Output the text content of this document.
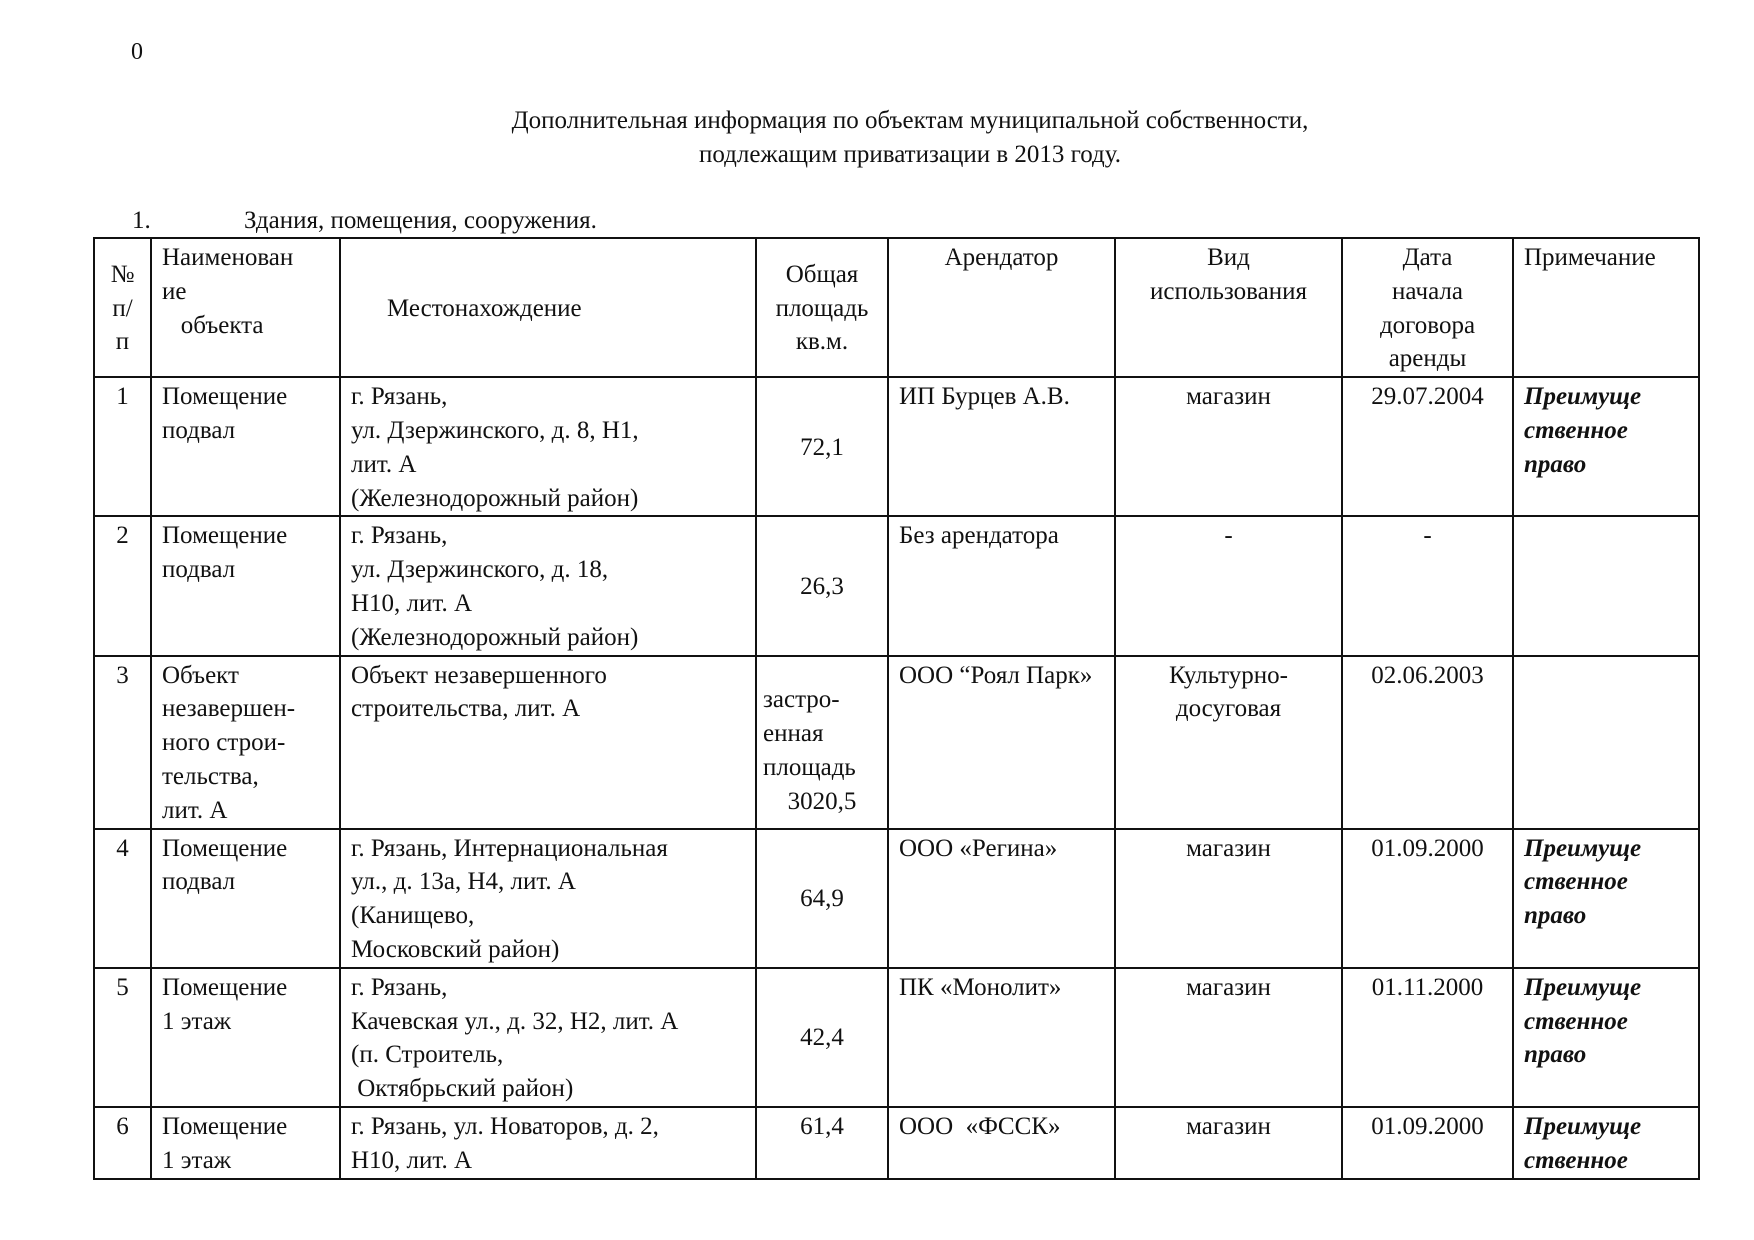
0
Дополнительная информация по объектам муниципальной собственности,
подлежащим приватизации в 2013 году.
1.	Здания, помещения, сооружения.
№
п/
п	Наименован
ие
объекта	Местонахождение	Общая
площадь
кв.м.	Арендатор	Вид
использования	Дата
начала
договора
аренды	Примечание

1	Помещение
подвал	г. Рязань,
ул. Дзержинского, д. 8, Н1,
лит. А
(Железнодорожный район)	72,1	ИП Бурцев А.В.	магазин	29.07.2004	Преимуще
ственное
право

2	Помещение
подвал	г. Рязань,
ул. Дзержинского, д. 18,
Н10, лит. А
(Железнодорожный район)	26,3	Без арендатора	-	-	
3	Объект
незавершен-
ного строи-
тельства,
лит. А	Объект незавершенного
строительства, лит. А	застро-
енная
площадь
3020,5	ООО “Роял Парк»	Культурно-досуговая	02.06.2003	
4	Помещение
подвал	г. Рязань, Интернациональная
ул., д. 13а, Н4, лит. А
(Канищево,
Московский район)	64,9	ООО «Регина»	магазин	01.09.2000	Преимуще
ственное
право

5	Помещение
1 этаж	г. Рязань,
Качевская ул., д. 32, Н2, лит. А
(п. Строитель,
Октябрьский район)	42,4	ПК «Монолит»	магазин	01.11.2000	Преимуще
ственное
право

6	Помещение
1 этаж	г. Рязань, ул. Новаторов, д. 2,
Н10, лит. А	61,4	ООО  «ФССК»	магазин	01.09.2000	Преимуще
ственное
